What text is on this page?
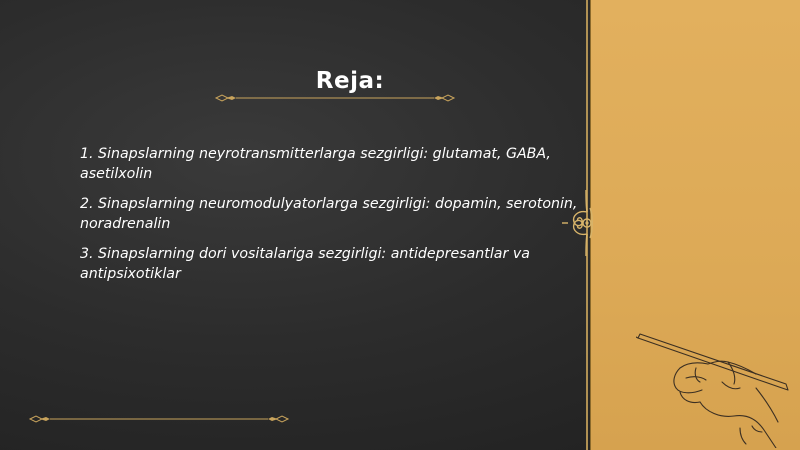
Reja:
1. Sinapslarning neyrotransmitterlarga sezgirligi: glutamat, GABA, asetilxolin
2. Sinapslarning neuromodulyatorlarga sezgirligi: dopamin, serotonin, noradrenalin
3. Sinapslarning dori vositalariga sezgirligi: antidepresantlar va antipsixotiklar
